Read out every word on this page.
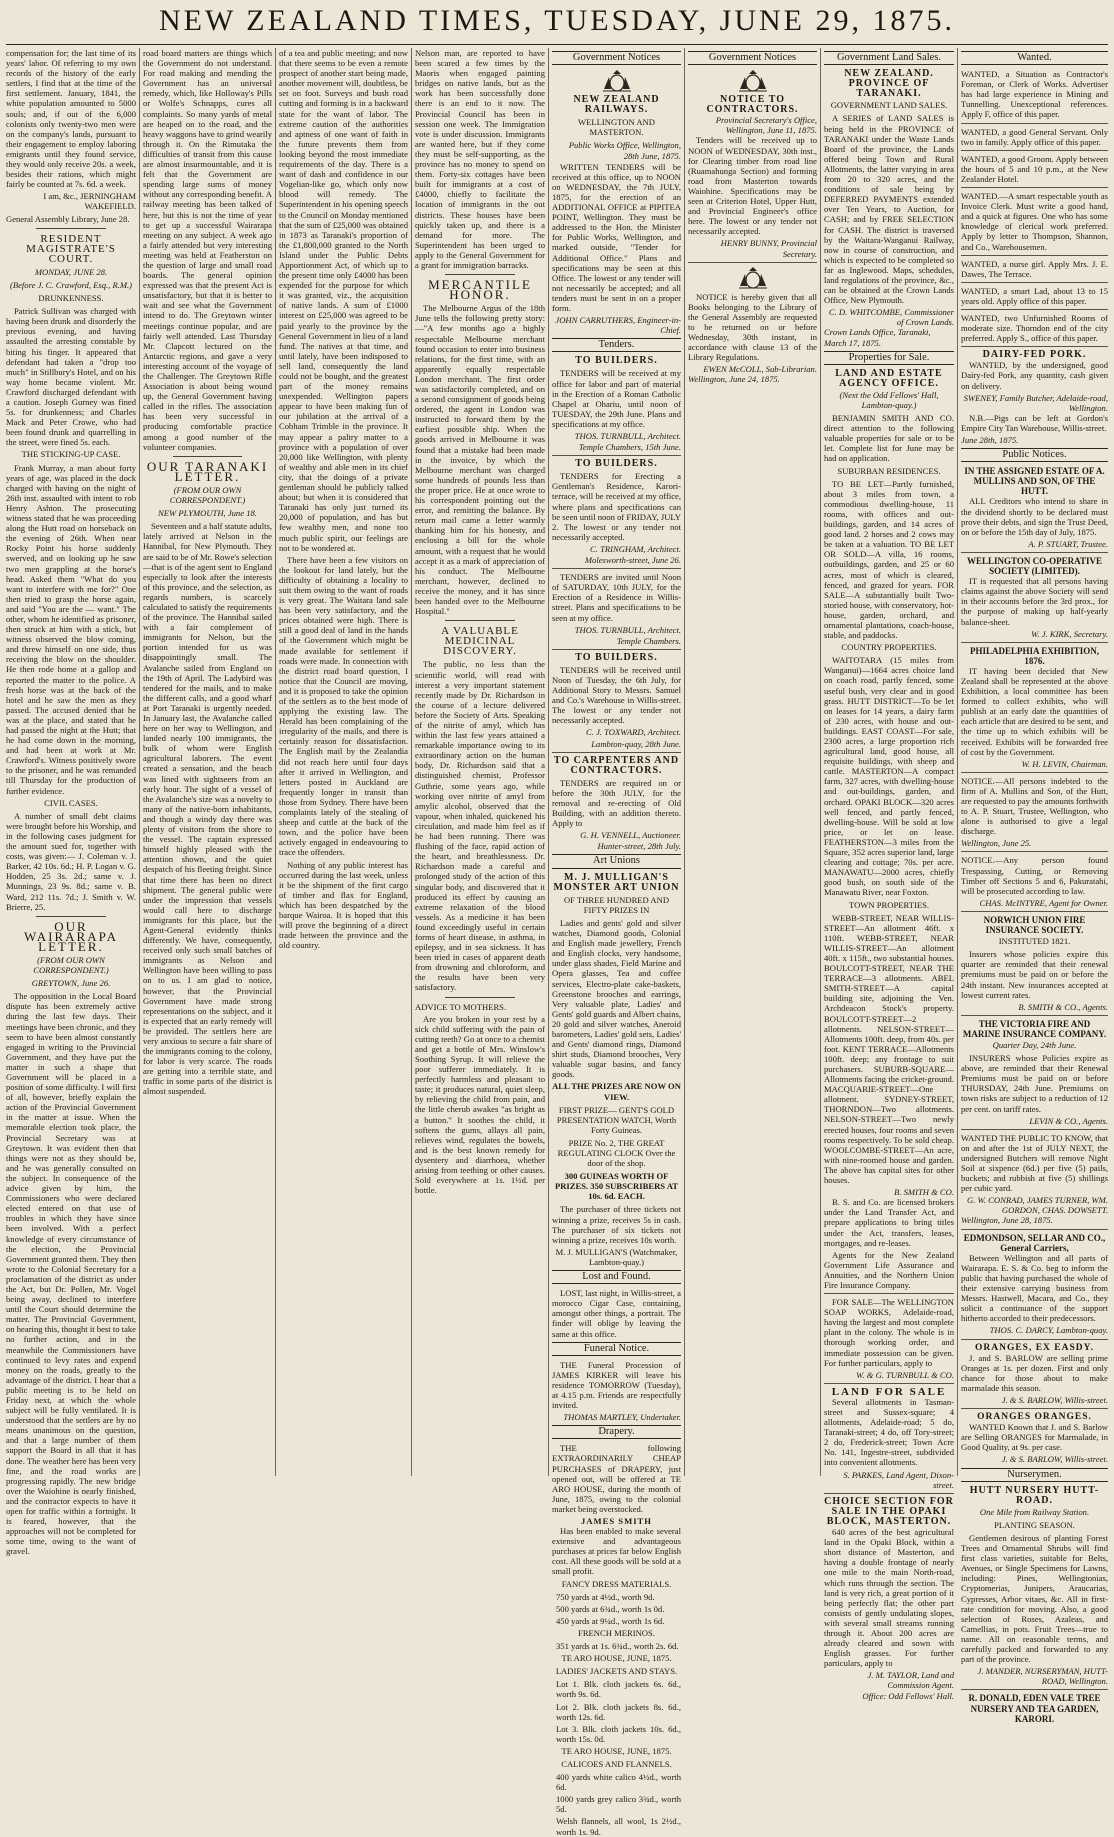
NEW ZEALAND TIMES, TUESDAY, JUNE 29, 1875.

compensation for; the last time of its years' labor. Of referring to my own records of the history of the early settlers, I find that at the time of the first settlement. January, 1841, the white population amounted to 5000 souls; and, if out of the 6,000 colonists only twenty-two men were on the company's lands, pursuant to their engagement to employ laboring emigrants until they found service, they would only receive 20s. a week, besides their rations, which might fairly be counted at 7s. 6d. a week.

I am, &c., JERNINGHAM WAKEFIELD.

General Assembly Library, June 28.

RESIDENT MAGISTRATE'S COURT.
MONDAY, JUNE 28.
(Before J. C. Crawford, Esq., R.M.)
DRUNKENNESS.

Patrick Sullivan was charged with having been drunk and disorderly the previous evening, and having assaulted the arresting constable by biting his finger. It appeared that defendant had taken a "drop too much" in Stillbury's Hotel, and on his way home became violent. Mr. Crawford discharged defendant with a caution. Joseph Gurney was fined 5s. for drunkenness; and Charles Mack and Peter Crowe, who had been found drunk and quarrelling in the street, were fined 5s. each.

THE STICKING-UP CASE.

Frank Murray, a man about forty years of age, was placed in the dock charged with having on the night of 26th inst. assaulted with intent to rob Henry Ashton. The prosecuting witness stated that he was proceeding along the Hutt road on horseback on the evening of 26th. When near Rocky Point his horse suddenly swerved, and on looking up he saw two men grappling at the horse's head. Asked them "What do you want to interfere with me for?" One then tried to grasp the horse again, and said "You are the — want." The other, whom he identified as prisoner, then struck at him with a stick, but witness observed the blow coming, and threw himself on one side, thus receiving the blow on the shoulder. He then rode home at a gallop and reported the matter to the police. A fresh horse was at the back of the hotel and he saw the men as they passed. The accused denied that he was at the place, and stated that he had passed the night at the Hutt; that he had come down in the morning, and had been at work at Mr. Crawford's. Witness positively swore to the prisoner, and he was remanded till Thursday for the production of further evidence.

CIVIL CASES.

A number of small debt claims were brought before his Worship, and in the following cases judgment for the amount sued for, together with costs, was given:— J. Coleman v. J. Barker, 42 10s. 6d.; H. P. Logan v. G. Hodden, 25 3s. 2d.; same v. J. Munnings, 23 9s. 8d.; same v. B. Ward, 212 11s. 7d.; J. Smith v. W. Brierre, 25.

OUR WAIRARAPA LETTER.
(FROM OUR OWN CORRESPONDENT.)
GREYTOWN, June 26.

The opposition in the Local Board dispute has been extremely active during the last few days. Their meetings have been chronic, and they seem to have been almost constantly engaged in writing to the Provincial Government, and they have put the matter in such a shape that Government will be placed in a position of some difficulty. I will first of all, however, briefly explain the action of the Provincial Government in the matter at issue. When the memorable election took place, the Provincial Secretary was at Greytown. It was evident then that things were not as they should be, and he was generally consulted on the subject. In consequence of the advice given by him, the Commissioners who were declared elected entered on that use of troubles in which they have since been involved. With a perfect knowledge of every circumstance of the election, the Provincial Government granted them. They then wrote to the Colonial Secretary for a proclamation of the district as under the Act, but Dr. Pollen, Mr. Vogel being away, declined to interfere until the Court should determine the matter. The Provincial Government, on hearing this, thought it best to take no further action, and in the meanwhile the Commissioners have continued to levy rates and expend money on the roads, greatly to the advantage of the district. I hear that a public meeting is to be held on Friday next, at which the whole subject will be fully ventilated. It is understood that the settlers are by no means unanimous on the question, and that a large number of them support the Board in all that it has done. The weather here has been very fine, and the road works are progressing rapidly. The new bridge over the Waiohine is nearly finished, and the contractor expects to have it open for traffic within a fortnight. It is feared, however, that the approaches will not be completed for some time, owing to the want of gravel.

road board matters are things which the Government do not understand. For road making and mending the Government has an universal remedy, which, like Holloway's Pills or Wolfe's Schnapps, cures all complaints. So many yards of metal are heaped on to the road, and the heavy waggons have to grind wearily through it. On the Rimutaka the difficulties of transit from this cause are almost insurmountable, and it is felt that the Government are spending large sums of money without any corresponding benefit. A railway meeting has been talked of here, but this is not the time of year to get up a successful Wairarapa meeting on any subject. A week ago a fairly attended but very interesting meeting was held at Featherston on the question of large and small road boards. The general opinion expressed was that the present Act is unsatisfactory, but that it is better to wait and see what the Government intend to do. The Greytown winter meetings continue popular, and are fairly well attended. Last Thursday Mr. Clapcott lectured on the Antarctic regions, and gave a very interesting account of the voyage of the Challenger. The Greytown Rifle Association is about being wound up, the General Government having called in the rifles. The association has been very successful in producing comfortable practice among a good number of the volunteer companies.

OUR TARANAKI LETTER.
(FROM OUR OWN CORRESPONDENT.)
NEW PLYMOUTH, June 18.

Seventeen and a half statute adults, lately arrived at Nelson in the Hannibal, for New Plymouth. They are said to be of Mr. Rowe's selection—that is of the agent sent to England especially to look after the interests of this province, and the selection, as regards numbers, is scarcely calculated to satisfy the requirements of the province. The Hannibal sailed with a fair complement of immigrants for Nelson, but the portion intended for us was disappointingly small. The Avalanche sailed from England on the 19th of April. The Ladybird was tendered for the mails, and to make the different calls, and a good wharf at Port Taranaki is urgently needed. In January last, the Avalanche called here on her way to Wellington, and landed nearly 100 immigrants, the bulk of whom were English agricultural laborers. The event created a sensation, and the beach was lined with sightseers from an early hour. The sight of a vessel of the Avalanche's size was a novelty to many of the native-born inhabitants, and though a windy day there was plenty of visitors from the shore to the vessel. The captain expressed himself highly pleased with the attention shown, and the quiet despatch of his fleeting freight. Since that time there has been no direct shipment. The general public were under the impression that vessels would call here to discharge immigrants for this place, but the Agent-General evidently thinks differently. We have, consequently, received only such small batches of immigrants as Nelson and Wellington have been willing to pass on to us. I am glad to notice, however, that the Provincial Government have made strong representations on the subject, and it is expected that an early remedy will be provided. The settlers here are very anxious to secure a fair share of the immigrants coming to the colony, for labor is very scarce. The roads are getting into a terrible state, and traffic in some parts of the district is almost suspended.

of a tea and public meeting; and now that there seems to be even a remote prospect of another start being made, another movement will, doubtless, be set on foot. Surveys and bush road cutting and forming is in a backward state for the want of labor. The extreme caution of the authorities and aptness of one want of faith in the future prevents them from looking beyond the most immediate requirements of the day. There is a want of dash and confidence in our Vogelian-like go, which only now blood will remedy. The Superintendent in his opening speech to the Council on Monday mentioned that the sum of £25,000 was obtained in 1873 as Taranaki's proportion of the £1,800,000 granted to the North Island under the Public Debts Apportionment Act, of which up to the present time only £4000 has been expended for the purpose for which it was granted, viz., the acquisition of native lands. A sum of £1000 interest on £25,000 was agreed to be paid yearly to the province by the General Government in lieu of a land fund. The natives at that time, and until lately, have been indisposed to sell land, consequently the land could not be bought, and the greatest part of the money remains unexpended. Wellington papers appear to have been making fun of our jubilation at the arrival of a Cobham Trimble in the province. It may appear a paltry matter to a province with a population of over 20,000 like Wellington, with plenty of wealthy and able men in its chief city, that the doings of a private gentleman should be publicly talked about; but when it is considered that Taranaki has only just turned its 20,000 of population, and has but few wealthy men, and none too much public spirit, our feelings are not to be wondered at.

There have been a few visitors on the lookout for land lately, but the difficulty of obtaining a locality to suit them owing to the want of roads is very great. The Waitara land sale has been very satisfactory, and the prices obtained were high. There is still a good deal of land in the hands of the Government which might be made available for settlement if roads were made. In connection with the district road board question, I notice that the Council are moving, and it is proposed to take the opinion of the settlers as to the best mode of applying the existing law. The Herald has been complaining of the irregularity of the mails, and there is certainly reason for dissatisfaction. The English mail by the Zealandia did not reach here until four days after it arrived in Wellington, and letters posted in Auckland are frequently longer in transit than those from Sydney. There have been complaints lately of the stealing of sheep and cattle at the back of the town, and the police have been actively engaged in endeavouring to trace the offenders.

Nothing of any public interest has occurred during the last week, unless it be the shipment of the first cargo of timber and flax for England, which has been despatched by the barque Wairoa. It is hoped that this will prove the beginning of a direct trade between the province and the old country.

Nelson man, are reported to have been scared a few times by the Maoris when engaged painting bridges on native lands, but as the work has been successfully done there is an end to it now. The Provincial Council has been in session one week. The Immigration vote is under discussion. Immigrants are wanted here, but if they come they must be self-supporting, as the province has no money to spend on them. Forty-six cottages have been built for immigrants at a cost of £4000, chiefly to facilitate the location of immigrants in the out districts. These houses have been quickly taken up, and there is a demand for more. The Superintendent has been urged to apply to the General Government for a grant for immigration barracks.

MERCANTILE HONOR.

The Melbourne Argus of the 18th June tells the following pretty story:—"A few months ago a highly respectable Melbourne merchant found occasion to enter into business relations, for the first time, with an apparently equally respectable London merchant. The first order was satisfactorily completed, and on a second consignment of goods being ordered, the agent in London was instructed to forward them by the earliest possible ship. When the goods arrived in Melbourne it was found that a mistake had been made in the invoice, by which the Melbourne merchant was charged some hundreds of pounds less than the proper price. He at once wrote to his correspondent pointing out the error, and remitting the balance. By return mail came a letter warmly thanking him for his honesty, and enclosing a bill for the whole amount, with a request that he would accept it as a mark of appreciation of his conduct. The Melbourne merchant, however, declined to receive the money, and it has since been handed over to the Melbourne Hospital."

A VALUABLE MEDICINAL DISCOVERY.

The public, no less than the scientific world, will read with interest a very important statement recently made by Dr. Richardson in the course of a lecture delivered before the Society of Arts. Speaking of the nitrite of amyl, which has within the last few years attained a remarkable importance owing to its extraordinary action on the human body, Dr. Richardson said that a distinguished chemist, Professor Guthrie, some years ago, while working over nitrite of amyl from amylic alcohol, observed that the vapour, when inhaled, quickened his circulation, and made him feel as if he had been running. There was flushing of the face, rapid action of the heart, and breathlessness. Dr. Richardson made a careful and prolonged study of the action of this singular body, and discovered that it produced its effect by causing an extreme relaxation of the blood vessels. As a medicine it has been found exceedingly useful in certain forms of heart disease, in asthma, in epilepsy, and in sea sickness. It has been tried in cases of apparent death from drowning and chloroform, and the results have been very satisfactory.

ADVICE TO MOTHERS.

Are you broken in your rest by a sick child suffering with the pain of cutting teeth? Go at once to a chemist and get a bottle of Mrs. Winslow's Soothing Syrup. It will relieve the poor sufferer immediately. It is perfectly harmless and pleasant to taste; it produces natural, quiet sleep, by relieving the child from pain, and the little cherub awakes "as bright as a button." It soothes the child, it softens the gums, allays all pain, relieves wind, regulates the bowels, and is the best known remedy for dysentery and diarrhoea, whether arising from teething or other causes. Sold everywhere at 1s. 1½d. per bottle.

Government Notices
NEW ZEALAND RAILWAYS.
WELLINGTON AND MASTERTON.
Public Works Office, Wellington, 28th June, 1875.

WRITTEN TENDERS will be received at this office, up to NOON on WEDNESDAY, the 7th JULY, 1875, for the erection of an ADDITIONAL OFFICE at PIPITEA POINT, Wellington. They must be addressed to the Hon. the Minister for Public Works, Wellington, and marked outside, "Tender for Additional Office." Plans and specifications may be seen at this Office. The lowest or any tender will not necessarily be accepted; and all tenders must be sent in on a proper form.

JOHN CARRUTHERS, Engineer-in-Chief.
Tenders.
TO BUILDERS.

TENDERS will be received at my office for labor and part of material in the Erection of a Roman Catholic Chapel at Ohariu, until noon of TUESDAY, the 29th June. Plans and specifications at my office.

THOS. TURNBULL, Architect.
Temple Chambers, 15th June.
TO BUILDERS.

TENDERS for Erecting a Gentleman's Residence, Karori-terrace, will be received at my office, where plans and specifications can be seen until noon of FRIDAY, JULY 2. The lowest or any tender not necessarily accepted.

C. TRINGHAM, Architect.
Molesworth-street, June 26.

TENDERS are invited until Noon of SATURDAY, 10th JULY, for the Erection of a Residence in Willis-street. Plans and specifications to be seen at my office.

THOS. TURNBULL, Architect.
Temple Chambers.
TO BUILDERS.

TENDERS will be received until Noon of Tuesday, the 6th July, for Additional Story to Messrs. Samuel and Co.'s Warehouse in Willis-street. The lowest or any tender not necessarily accepted.

C. J. TOXWARD, Architect.
Lambton-quay, 28th June.
TO CARPENTERS AND CONTRACTORS.

TENDERS are required on or before the 30th JULY, for the removal and re-erecting of Old Building, with an addition thereto. Apply to

G. H. VENNELL, Auctioneer.
Hunter-street, 28th July.
Art Unions
M. J. MULLIGAN'S MONSTER ART UNION
OF THREE HUNDRED AND FIFTY PRIZES IN

Ladies and gents' gold and silver watches, Diamond goods, Colonial and English made jewellery, French and English clocks, very handsome, under glass shades, Field Marine and Opera glasses, Tea and coffee services, Electro-plate cake-baskets, Greenstone brooches and earrings, Very valuable plate, Ladies' and Gents' gold guards and Albert chains, 20 gold and silver watches, Aneroid barometers, Ladies' gold sets, Ladies' and Gents' diamond rings, Diamond shirt studs, Diamond brooches, Very valuable sugar basins, and fancy goods.

ALL THE PRIZES ARE NOW ON VIEW.
FIRST PRIZE— GENT'S GOLD PRESENTATION WATCH, Worth Forty Guineas.
PRIZE No. 2, THE GREAT REGULATING CLOCK Over the door of the shop.
300 GUINEAS WORTH OF PRIZES. 350 SUBSCRIBERS AT 10s. 6d. EACH.

The purchaser of three tickets not winning a prize, receives 5s in cash. The purchaser of six tickets not winning a prize, receives 10s worth.

M. J. MULLIGAN'S (Watchmaker, Lambton-quay.)
Lost and Found.

LOST, last night, in Willis-street, a morocco Cigar Case, containing, amongst other things, a portrait. The finder will oblige by leaving the same at this office.

Funeral Notice.

THE Funeral Procession of JAMES KIRKER will leave his residence TOMORROW (Tuesday), at 4.15 p.m. Friends are respectfully invited.

THOMAS MARTLEY, Undertaker.
Drapery.

THE following EXTRAORDINARILY CHEAP PURCHASES of DRAPERY, just opened out, will be offered at TE ARO HOUSE, during the month of June, 1875, owing to the colonial market being overstocked.

JAMES SMITH

Has been enabled to make several extensive and advantageous purchases at prices far below English cost. All these goods will be sold at a small profit.

FANCY DRESS MATERIALS.

750 yards at 4½d., worth 9d.

500 yards at 6¾d., worth 1s 0d.

450 yards at 9¼d., worth 1s 6d.

FRENCH MERINOS.

351 yards at 1s. 6¾d., worth 2s. 6d.

TE ARO HOUSE, JUNE, 1875.
LADIES' JACKETS AND STAYS.

Lot 1. Blk. cloth jackets 6s. 6d., worth 9s. 6d.

Lot 2. Blk. cloth jackets 8s. 6d., worth 12s. 6d.

Lot 3. Blk. cloth jackets 10s. 6d., worth 15s. 0d.

TE ARO HOUSE, JUNE, 1875.
CALICOES AND FLANNELS.

400 yards white calico 4½d., worth 6d.

1000 yards grey calico 3¾d., worth 5d.

Welsh flannels, all wool, 1s 2½d., worth 1s. 9d.

Government Notices
NOTICE TO CONTRACTORS.
Provincial Secretary's Office, Wellington, June 11, 1875.

Tenders will be received up to NOON of WEDNESDAY, 30th inst., for Clearing timber from road line (Ruamahunga Section) and forming road from Masterton towards Waiohine. Specifications may be seen at Criterion Hotel, Upper Hutt, and Provincial Engineer's office here. The lowest or any tender not necessarily accepted.

HENRY BUNNY, Provincial Secretary.

NOTICE is hereby given that all Books belonging to the Library of the General Assembly are requested to be returned on or before Wednesday, 30th instant, in accordance with clause 13 of the Library Regulations.

EWEN McCOLL, Sub-Librarian.
Wellington, June 24, 1875.
Government Land Sales.
NEW ZEALAND. PROVINCE OF TARANAKI.
GOVERNMENT LAND SALES.

A SERIES of LAND SALES is being held in the PROVINCE of TARANAKI under the Waste Lands Board of the province, the Lands offered being Town and Rural Allotments, the latter varying in area from 20 to 320 acres, and the conditions of sale being by DEFERRED PAYMENTS extended over Ten Years, to Auction, for CASH; and by FREE SELECTION for CASH. The district is traversed by the Waitara-Wanganui Railway, now in course of construction, and which is expected to be completed so far as Inglewood. Maps, schedules, land regulations of the province, &c., can be obtained at the Crown Lands Office, New Plymouth.

C. D. WHITCOMBE, Commissioner of Crown Lands.
Crown Lands Office, Taranaki, March 17, 1875.
Properties for Sale.
LAND AND ESTATE AGENCY OFFICE.
(Next the Odd Fellows' Hall, Lambton-quay.)

BENJAMIN SMITH AND CO. direct attention to the following valuable properties for sale or to be let. Complete list for June may be had on application.

SUBURBAN RESIDENCES.

TO BE LET—Partly furnished, about 3 miles from town, a commodious dwelling-house, 11 rooms, with offices and out-buildings, garden, and 14 acres of good land. 2 horses and 2 cows may be taken at a valuation. TO BE LET OR SOLD—A villa, 16 rooms, outbuildings, garden, and 25 or 60 acres, most of which is cleared, fenced, and grazed for years. FOR SALE—A substantially built Two-storied house, with conservatory, hot-house, garden, orchard, and ornamental plantations, coach-house, stable, and paddocks.

COUNTRY PROPERTIES.

WAITOTARA (15 miles from Wanganui)—1664 acres choice land on coach road, partly fenced, some useful bush, very clear and in good grass. HUTT DISTRICT—To be let on leases for 14 years, a dairy farm of 230 acres, with house and out-buildings. EAST COAST—For sale, 2300 acres, a large proportion rich agricultural land, good house, all requisite buildings, with sheep and cattle. MASTERTON—A compact farm, 327 acres, with dwelling-house and out-buildings, garden, and orchard. OPAKI BLOCK—320 acres well fenced, and partly fenced, dwelling-house. Will be sold at low price, or let on lease. FEATHERSTON—3 miles from the Square, 352 acres superior land, large clearing and cottage; 70s. per acre. MANAWATU—2000 acres, chiefly good bush, on south side of the Manawatu River, near Foxton.

TOWN PROPERTIES.

WEBB-STREET, NEAR WILLIS-STREET—An allotment 46ft. x 110ft. WEBB-STREET, NEAR WILLIS-STREET—An allotment 40ft. x 115ft., two substantial houses. BOULCOTT-STREET, NEAR THE TERRACE—3 allotments. ABEL SMITH-STREET—A capital building site, adjoining the Ven. Archdeacon Stock's property. BOULCOTT-STREET—2 allotments. NELSON-STREET—Allotments 100ft. deep, from 40s. per foot. KENT TERRACE—Allotments 100ft. deep; any frontage to suit purchasers. SUBURB-SQUARE—Allotments facing the cricket-ground. MACQUARIE-STREET—One allotment. SYDNEY-STREET, THORNDON—Two allotments. NELSON-STREET—Two newly erected houses, four rooms and seven rooms respectively. To be sold cheap. WOOLCOMBE-STREET—An acre, with nine-roomed house and garden. The above has capital sites for other houses.

B. SMITH & CO.

B. S. and Co. are licensed brokers under the Land Transfer Act, and prepare applications to bring titles under the Act, transfers, leases, mortgages, and re-leases.

Agents for the New Zealand Government Life Assurance and Annuities, and the Northern Union Fire Insurance Company.

FOR SALE—The WELLINGTON SOAP WORKS, Adelaide-road, having the largest and most complete plant in the colony. The whole is in thorough working order, and immediate possession can be given. For further particulars, apply to

W. & G. TURNBULL & CO.
LAND FOR SALE

Several allotments in Tasman-street and Sussex-square; 4 allotments, Adelaide-road; 5 do, Taranaki-street; 4 do, off Tory-street; 2 do, Frederick-street; Town Acre No. 141, Ingestre-street, subdivided into convenient allotments.

S. PARKES, Land Agent, Dixon-street.
CHOICE SECTION FOR SALE IN THE OPAKI BLOCK, MASTERTON.

640 acres of the best agricultural land in the Opaki Block, within a short distance of Masterton, and having a double frontage of nearly one mile to the main North-road, which runs through the section. The land is very rich, a great portion of it being perfectly flat; the other part consists of gently undulating slopes, with several small streams running through it. About 200 acres are already cleared and sown with English grasses. For further particulars, apply to

J. M. TAYLOR, Land and Commission Agent.
Office: Odd Fellows' Hall.
Wanted.

WANTED, a Situation as Contractor's Foreman, or Clerk of Works. Advertiser has had large experience in Mining and Tunnelling. Unexceptional references. Apply F, office of this paper.

WANTED, a good General Servant. Only two in family. Apply office of this paper.

WANTED, a good Groom. Apply between the hours of 5 and 10 p.m., at the New Zealander Hotel.

WANTED.—A smart respectable youth as Invoice Clerk. Must write a good hand, and a quick at figures. One who has some knowledge of clerical work preferred. Apply by letter to Thompson, Shannon, and Co., Warehousemen.

WANTED, a nurse girl. Apply Mrs. J. E. Dawes, The Terrace.

WANTED, a smart Lad, about 13 to 15 years old. Apply office of this paper.

WANTED, two Unfurnished Rooms of moderate size. Thorndon end of the city preferred. Apply S., office of this paper.

DAIRY-FED PORK.

WANTED, by the undersigned, good Dairy-fed Pork, any quantity, cash given on delivery.

SWENEY, Family Butcher, Adelaide-road, Wellington.

N.B.—Pigs can be left at Gordon's Empire City Tan Warehouse, Willis-street.

June 28th, 1875.
Public Notices.
IN THE ASSIGNED ESTATE OF A. MULLINS AND SON, OF THE HUTT.

ALL Creditors who intend to share in the dividend shortly to be declared must prove their debts, and sign the Trust Deed, on or before the 15th day of July, 1875.

A. P. STUART, Trustee.
WELLINGTON CO-OPERATIVE SOCIETY (LIMITED).

IT is requested that all persons having claims against the above Society will send in their accounts before the 3rd prox., for the purpose of making up half-yearly balance-sheet.

W. J. KIRK, Secretary.
PHILADELPHIA EXHIBITION, 1876.

IT having been decided that New Zealand shall be represented at the above Exhibition, a local committee has been formed to collect exhibits, who will publish at an early date the quantities of each article that are desired to be sent, and the time up to which exhibits will be received. Exhibits will be forwarded free of cost by the Government.

W. H. LEVIN, Chairman.

NOTICE.—All persons indebted to the firm of A. Mullins and Son, of the Hutt, are requested to pay the amounts forthwith to A. P. Stuart, Trustee, Wellington, who alone is authorised to give a legal discharge.

Wellington, June 25.

NOTICE.—Any person found Trespassing, Cutting, or Removing Timber off Sections 5 and 6, Pakuratahi, will be prosecuted according to law.

CHAS. McINTYRE, Agent for Owner.
NORWICH UNION FIRE INSURANCE SOCIETY.
INSTITUTED 1821.

Insurers whose policies expire this quarter are reminded that their renewal premiums must be paid on or before the 24th instant. New insurances accepted at lowest current rates.

B. SMITH & CO., Agents.
THE VICTORIA FIRE AND MARINE INSURANCE COMPANY.
Quarter Day, 24th June.

INSURERS whose Policies expire as above, are reminded that their Renewal Premiums must be paid on or before THURSDAY, 24th June. Premiums on town risks are subject to a reduction of 12 per cent. on tariff rates.

LEVIN & CO., Agents.

WANTED THE PUBLIC TO KNOW, that on and after the 1st of JULY NEXT, the undersigned Butchers will remove Night Soil at sixpence (6d.) per five (5) pails, buckets; and rubbish at five (5) shillings per cubic yard.

G. W. CONRAD, JAMES TURNER, WM. GORDON, CHAS. DOWSETT.
Wellington, June 28, 1875.
EDMONDSON, SELLAR AND CO., General Carriers,

Between Wellington and all parts of Wairarapa. E. S. & Co. beg to inform the public that having purchased the whole of their extensive carrying business from Messrs. Hastwell, Macara, and Co., they solicit a continuance of the support hitherto accorded to their predecessors.

THOS. C. DARCY, Lambton-quay.
ORANGES, EX EASDY.

J. and S. BARLOW are selling prime Oranges at 1s. per dozen. First and only chance for those about to make marmalade this season.

J. & S. BARLOW, Willis-street.
ORANGES ORANGES.

WANTED Known that J. and S. Barlow are Selling ORANGES for Marmalade, in Good Quality, at 9s. per case.

J. & S. BARLOW, Willis-street.
Nurserymen.
HUTT NURSERY HUTT-ROAD.
One Mile from Railway Station.
PLANTING SEASON.

Gentlemen desirous of planting Forest Trees and Ornamental Shrubs will find first class varieties, suitable for Belts, Avenues, or Single Specimens for Lawns, including: Pines, Wellingtonias, Cryptomerias, Junipers, Araucarias, Cypresses, Arbor vitaes, &c. All in first-rate condition for moving. Also, a good selection of Roses, Azaleas, and Camellias, in pots. Fruit Trees—true to name. All on reasonable terms, and carefully packed and forwarded to any part of the province.

J. MANDER, NURSERYMAN, HUTT-ROAD, Wellington.
R. DONALD, EDEN VALE TREE NURSERY AND TEA GARDEN, KARORI.
